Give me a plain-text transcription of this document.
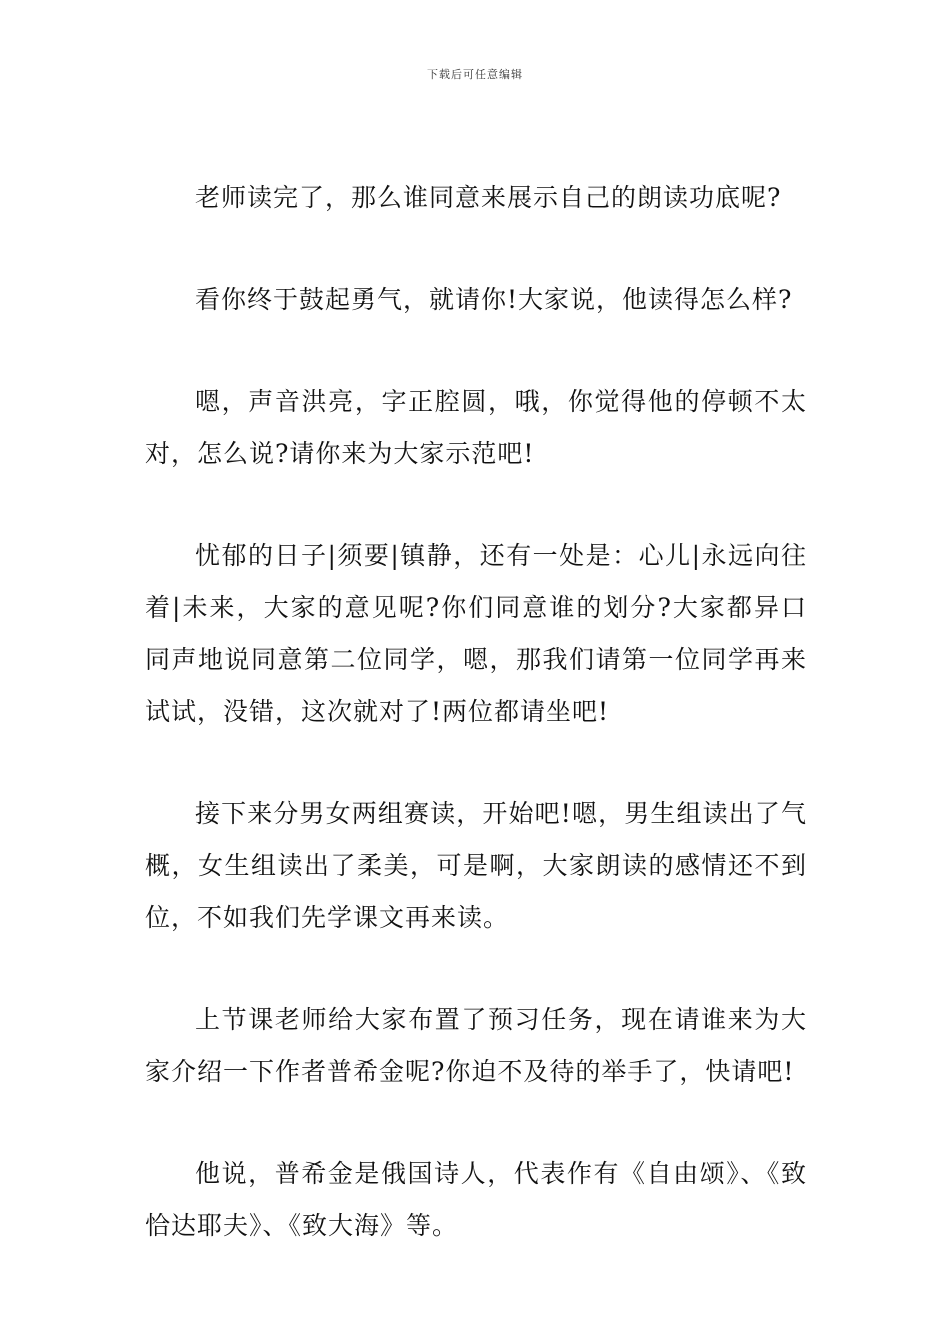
下载后可任意编辑

老师读完了，那么谁同意来展示自己的朗读功底呢?

看你终于鼓起勇气，就请你!大家说，他读得怎么样?

嗯，声音洪亮，字正腔圆，哦，你觉得他的停顿不太对，怎么说?请你来为大家示范吧!

忧郁的日子|须要|镇静，还有一处是：心儿|永远向往着|未来，大家的意见呢?你们同意谁的划分?大家都异口同声地说同意第二位同学，嗯，那我们请第一位同学再来试试，没错，这次就对了!两位都请坐吧!

接下来分男女两组赛读，开始吧!嗯，男生组读出了气概，女生组读出了柔美，可是啊，大家朗读的感情还不到位，不如我们先学课文再来读。

上节课老师给大家布置了预习任务，现在请谁来为大家介绍一下作者普希金呢?你迫不及待的举手了，快请吧!

他说，普希金是俄国诗人，代表作有《自由颂》、《致恰达耶夫》、《致大海》等。
